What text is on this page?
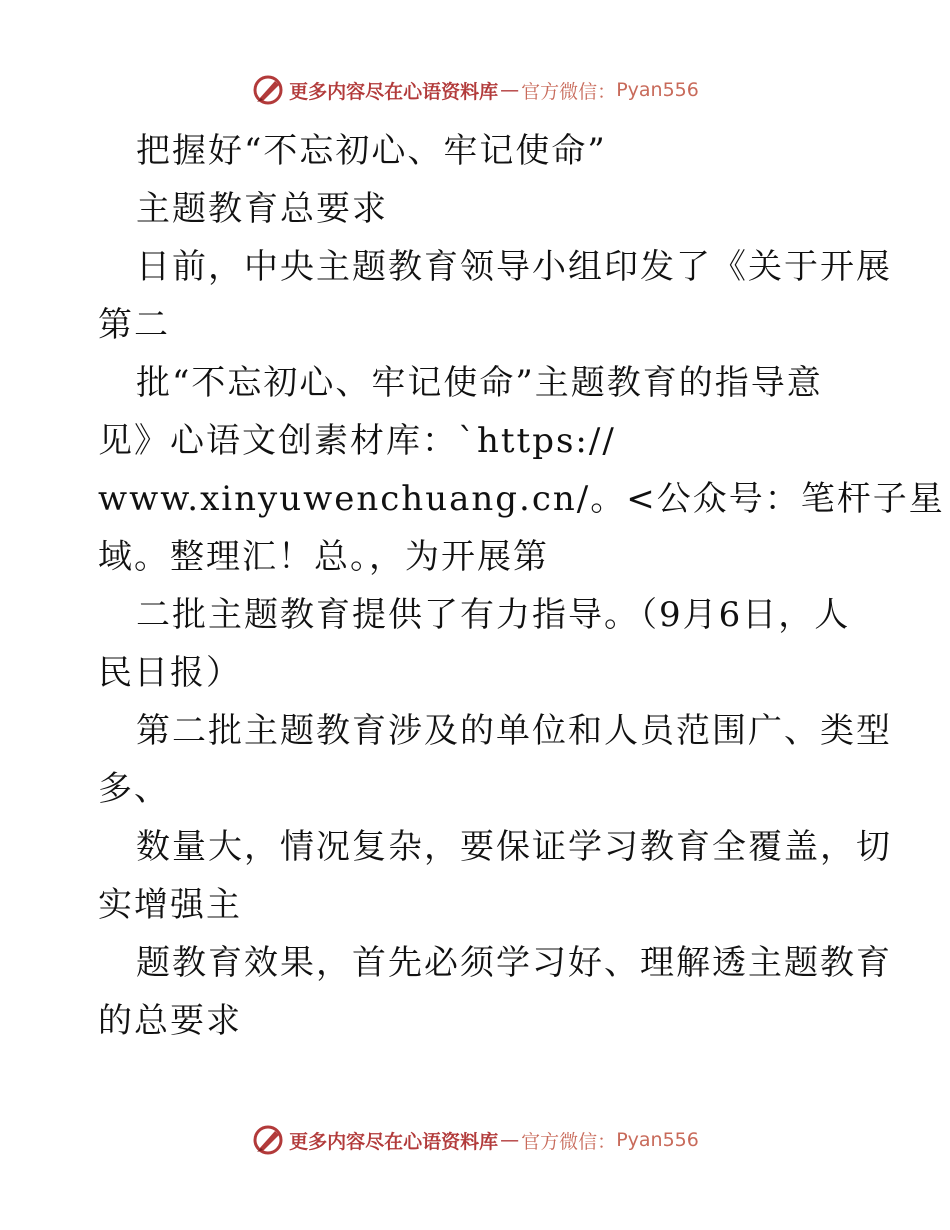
更多内容尽在心语资料库 — 官方微信： Pyan556
把握好“不忘初心、牢记使命”
主题教育总要求
日前，中央主题教育领导小组印发了《关于开展
第二
批“不忘初心、牢记使命”主题教育的指导意
见》心语文创素材库：`https://
www.xinyuwenchuang.cn/。<公众号：笔杆子星
域。整理汇！总。，为开展第
二批主题教育提供了有力指导。（9月6日，人
民日报）
第二批主题教育涉及的单位和人员范围广、类型
多、
数量大，情况复杂，要保证学习教育全覆盖，切
实增强主
题教育效果，首先必须学习好、理解透主题教育
的总要求
更多内容尽在心语资料库 — 官方微信： Pyan556
